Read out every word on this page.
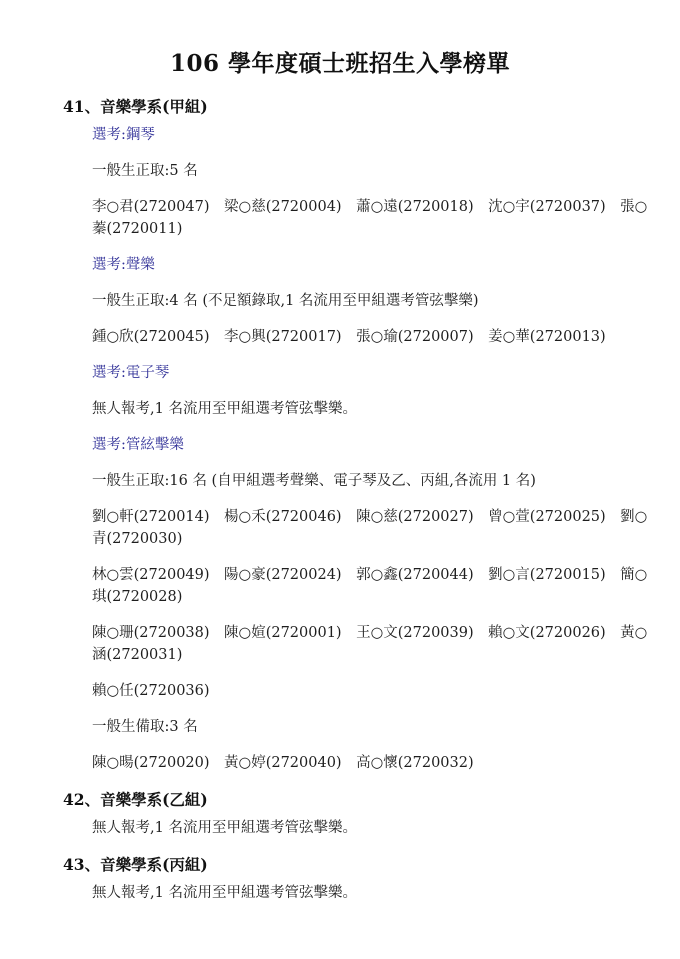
106 學年度碩士班招生入學榜單
41、 音樂學系(甲組)

選考:鋼琴

一般生正取:5 名

李○君(2720047)　梁○慈(2720004)　蕭○遠(2720018)　沈○宇(2720037)　張○蓁(2720011)

選考:聲樂

一般生正取:4 名 (不足額錄取,1 名流用至甲組選考管弦擊樂)

鍾○欣(2720045)　李○興(2720017)　張○瑜(2720007)　姜○華(2720013)

選考:電子琴

無人報考,1 名流用至甲組選考管弦擊樂。

選考:管絃擊樂

一般生正取:16 名 (自甲組選考聲樂、電子琴及乙、丙組,各流用 1 名)

劉○軒(2720014)　楊○禾(2720046)　陳○慈(2720027)　曾○萱(2720025)　劉○青(2720030)

林○雲(2720049)　陽○豪(2720024)　郭○鑫(2720044)　劉○言(2720015)　簡○琪(2720028)

陳○珊(2720038)　陳○媗(2720001)　王○文(2720039)　賴○文(2720026)　黃○涵(2720031)

賴○任(2720036)

一般生備取:3 名

陳○暘(2720020)　黃○婷(2720040)　高○懷(2720032)

42、 音樂學系(乙組)

無人報考,1 名流用至甲組選考管弦擊樂。

43、 音樂學系(丙組)

無人報考,1 名流用至甲組選考管弦擊樂。
